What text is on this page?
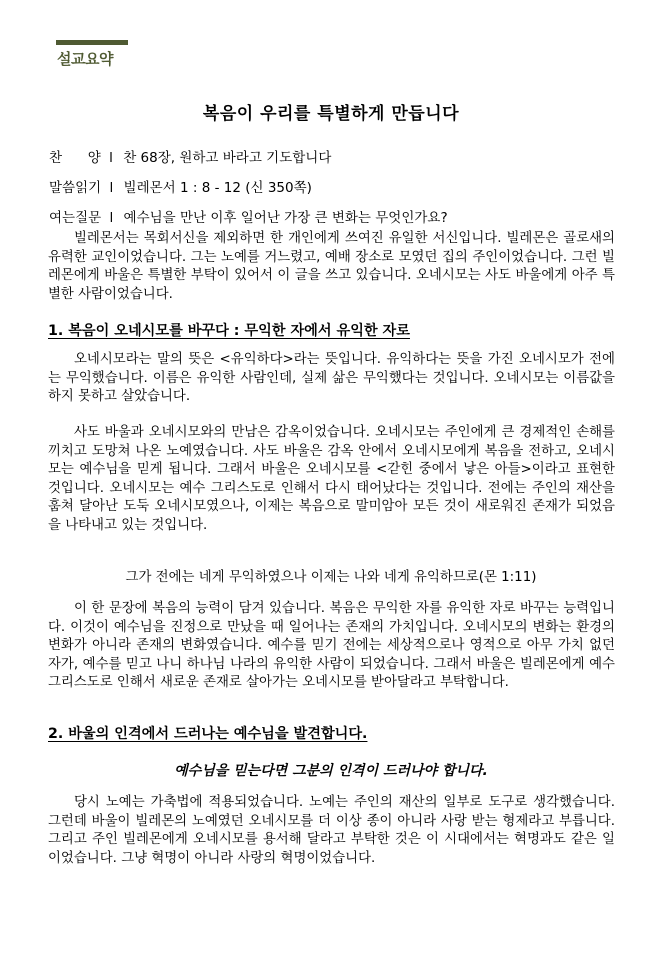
설교요약

복음이 우리를 특별하게 만듭니다

찬      양 l 찬 68장, 원하고 바라고 기도합니다

말씀읽기 l 빌레몬서 1 : 8 - 12 (신 350쪽)

여는질문 l 예수님을 만난 이후 일어난 가장 큰 변화는 무엇인가요?

빌레몬서는 목회서신을 제외하면 한 개인에게 쓰여진 유일한 서신입니다. 빌레몬은 골로새의 유력한 교인이었습니다. 그는 노예를 거느렸고, 예배 장소로 모였던 집의 주인이었습니다. 그런 빌레몬에게 바울은 특별한 부탁이 있어서 이 글을 쓰고 있습니다. 오네시모는 사도 바울에게 아주 특별한 사람이었습니다.

1. 복음이 오네시모를 바꾸다 : 무익한 자에서 유익한 자로

오네시모라는 말의 뜻은 <유익하다>라는 뜻입니다. 유익하다는 뜻을 가진 오네시모가 전에는 무익했습니다. 이름은 유익한 사람인데, 실제 삶은 무익했다는 것입니다. 오네시모는 이름값을 하지 못하고 살았습니다.

사도 바울과 오네시모와의 만남은 감옥이었습니다. 오네시모는 주인에게 큰 경제적인 손해를 끼치고 도망쳐 나온 노예였습니다. 사도 바울은 감옥 안에서 오네시모에게 복음을 전하고, 오네시모는 예수님을 믿게 됩니다. 그래서 바울은 오네시모를 <갇힌 중에서 낳은 아들>이라고 표현한 것입니다. 오네시모는 예수 그리스도로 인해서 다시 태어났다는 것입니다. 전에는 주인의 재산을 훔쳐 달아난 도둑 오네시모였으나, 이제는 복음으로 말미암아 모든 것이 새로워진 존재가 되었음을 나타내고 있는 것입니다.

그가 전에는 네게 무익하였으나 이제는 나와 네게 유익하므로(몬 1:11)

이 한 문장에 복음의 능력이 담겨 있습니다. 복음은 무익한 자를 유익한 자로 바꾸는 능력입니다. 이것이 예수님을 진정으로 만났을 때 일어나는 존재의 가치입니다. 오네시모의 변화는 환경의 변화가 아니라 존재의 변화였습니다. 예수를 믿기 전에는 세상적으로나 영적으로 아무 가치 없던 자가, 예수를 믿고 나니 하나님 나라의 유익한 사람이 되었습니다. 그래서 바울은 빌레몬에게 예수 그리스도로 인해서 새로운 존재로 살아가는 오네시모를 받아달라고 부탁합니다.

2. 바울의 인격에서 드러나는 예수님을 발견합니다.

예수님을 믿는다면 그분의 인격이 드러나야 합니다.

당시 노예는 가축법에 적용되었습니다. 노예는 주인의 재산의 일부로 도구로 생각했습니다. 그런데 바울이 빌레몬의 노예였던 오네시모를 더 이상 종이 아니라 사랑 받는 형제라고 부릅니다. 그리고 주인 빌레몬에게 오네시모를 용서해 달라고 부탁한 것은 이 시대에서는 혁명과도 같은 일이었습니다. 그냥 혁명이 아니라 사랑의 혁명이었습니다.
